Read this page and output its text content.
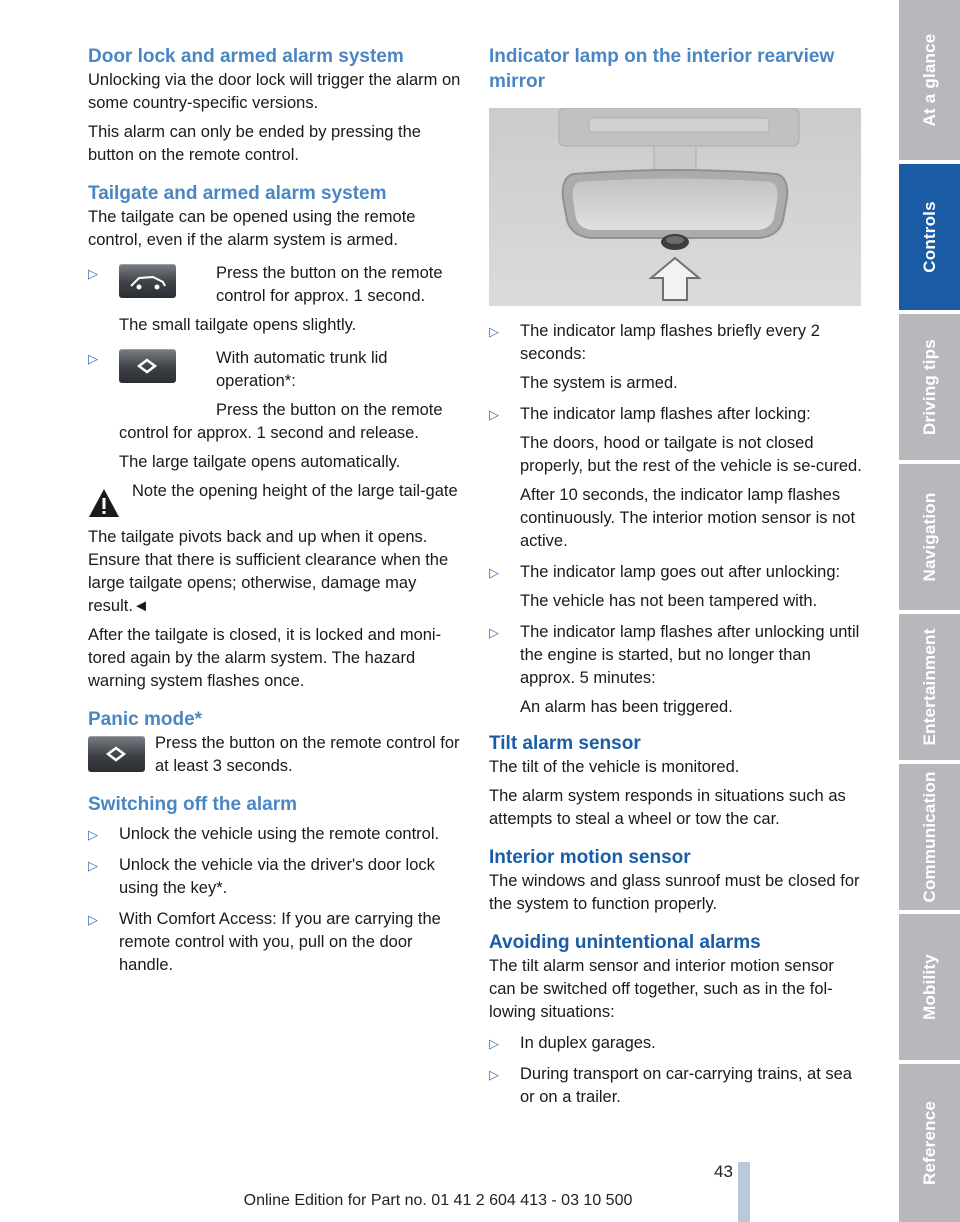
Door lock and armed alarm system

Unlocking via the door lock will trigger the alarm on some country-specific versions.

This alarm can only be ended by pressing the button on the remote control.

Tailgate and armed alarm system

The tailgate can be opened using the remote control, even if the alarm system is armed.

▷	Press the button on the remote control for approx. 1 second.

The small tailgate opens slightly.

▷	With automatic trunk lid operation*:

Press the button on the remote

control for approx. 1 second and release.

The large tailgate opens automatically.

Note the opening height of the large tail-gate

The tailgate pivots back and up when it opens. Ensure that there is sufficient clearance when the large tailgate opens; otherwise, damage may result.◄

After the tailgate is closed, it is locked and moni-tored again by the alarm system. The hazard warning system flashes once.

Panic mode*

Press the button on the remote control for at least 3 seconds.

Switching off the alarm
▷ Unlock the vehicle using the remote control.

▷ Unlock the vehicle via the driver's door lock using the key*.

▷ With Comfort Access: If you are carrying the remote control with you, pull on the door handle.

Indicator lamp on the interior rearview mirror
▷ The indicator lamp flashes briefly every 2 seconds:

The system is armed.

▷ The indicator lamp flashes after locking:

The doors, hood or tailgate is not closed properly, but the rest of the vehicle is se-cured.

After 10 seconds, the indicator lamp flashes continuously. The interior motion sensor is not active.

▷ The indicator lamp goes out after unlocking:

The vehicle has not been tampered with.

▷ The indicator lamp flashes after unlocking until the engine is started, but no longer than approx. 5 minutes:

An alarm has been triggered.

Tilt alarm sensor

The tilt of the vehicle is monitored.

The alarm system responds in situations such as attempts to steal a wheel or tow the car.

Interior motion sensor

The windows and glass sunroof must be closed for the system to function properly.

Avoiding unintentional alarms

The tilt alarm sensor and interior motion sensor can be switched off together, such as in the fol-lowing situations:

▷ In duplex garages.

▷ During transport on car-carrying trains, at sea or on a trailer.

At a glance
Controls
Driving tips
Navigation
Entertainment
Communication
Mobility
Reference
43
Online Edition for Part no. 01 41 2 604 413 - 03 10 500
